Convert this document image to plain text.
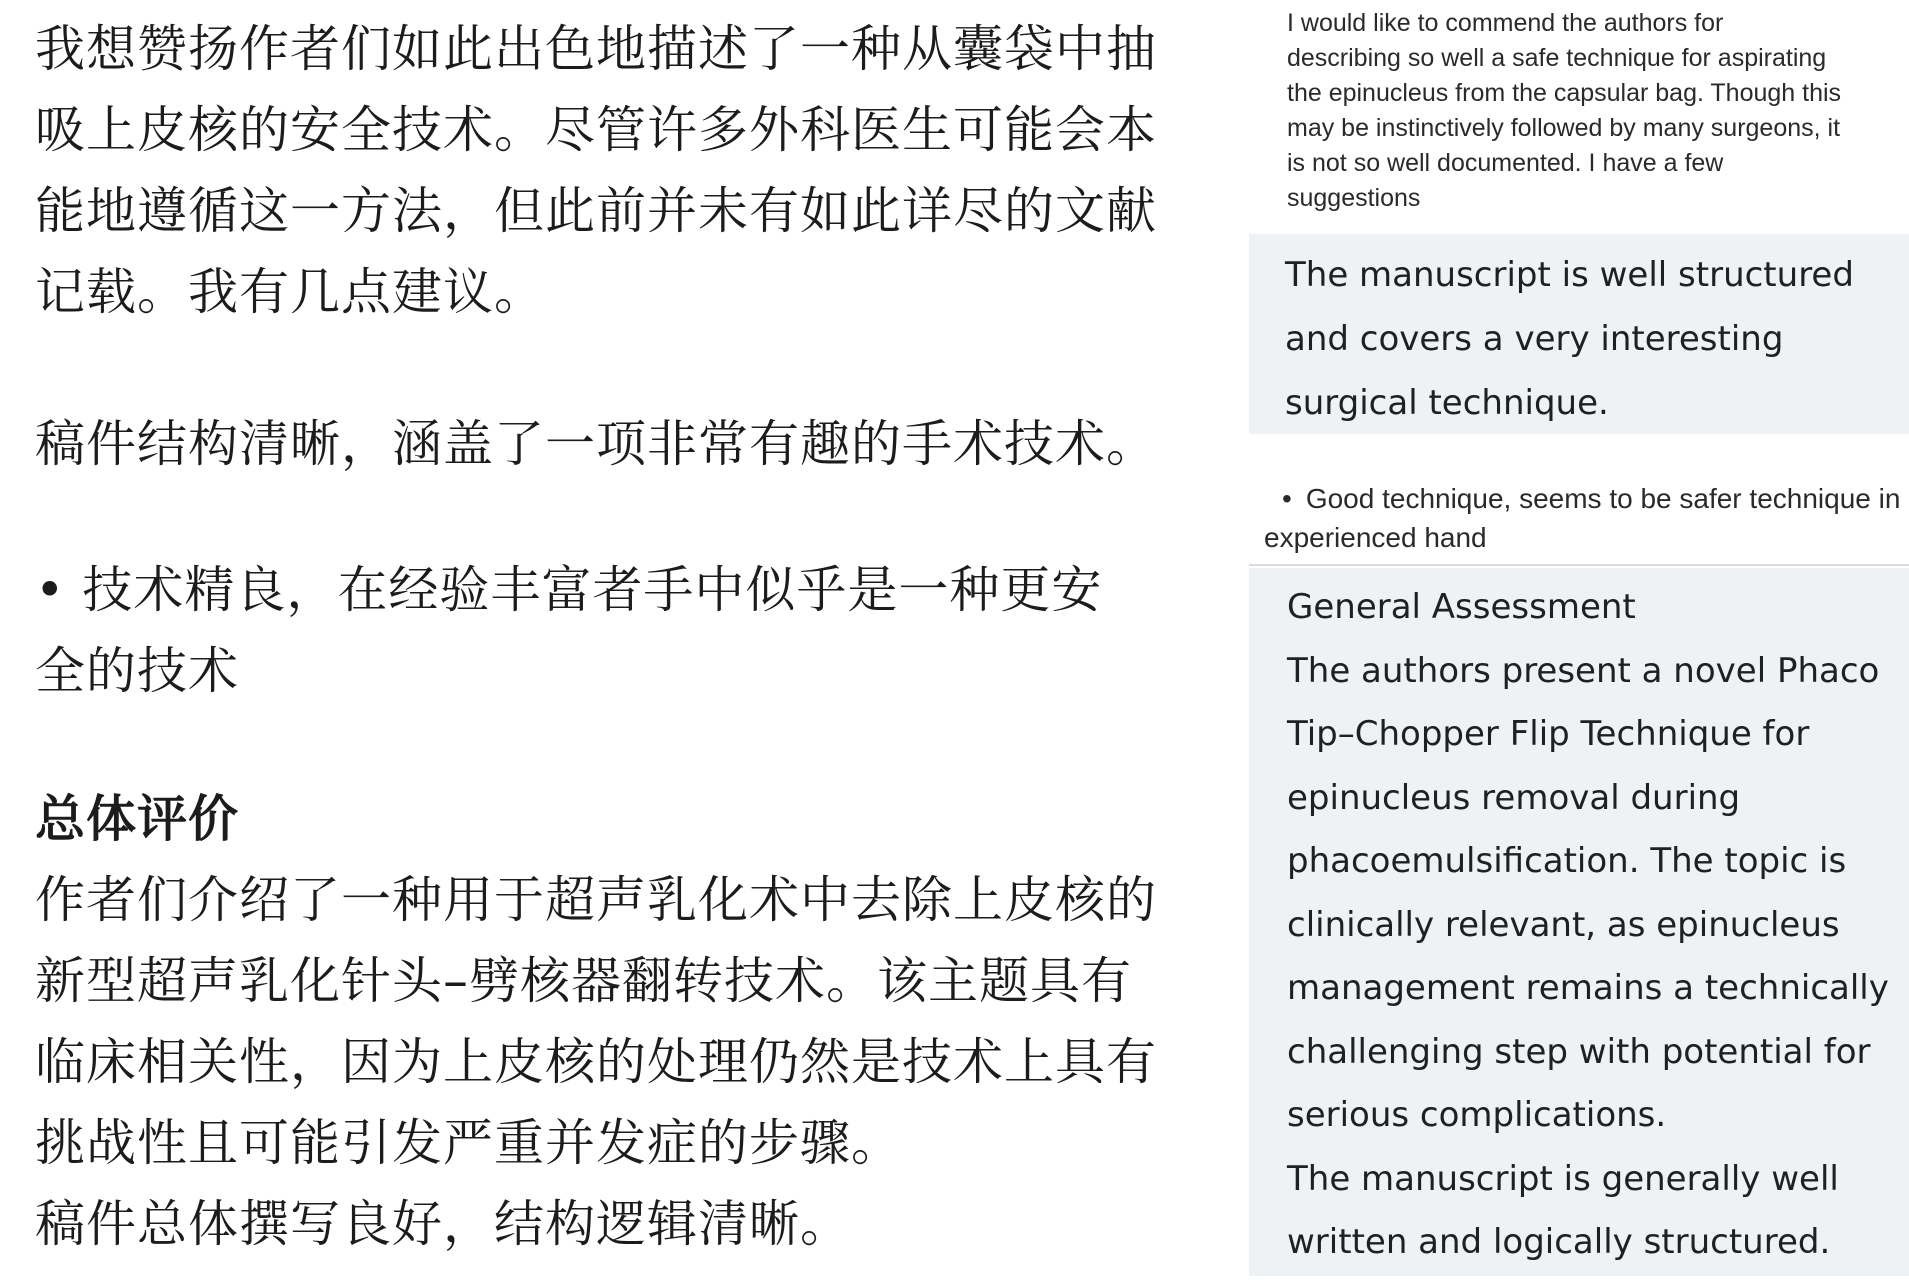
我想赞扬作者们如此出色地描述了一种从囊袋中抽
吸上皮核的安全技术。尽管许多外科医生可能会本
能地遵循这一方法，但此前并未有如此详尽的文献
记载。我有几点建议。

稿件结构清晰，涵盖了一项非常有趣的手术技术。

• 技术精良，在经验丰富者手中似乎是一种更安
全的技术

总体评价
作者们介绍了一种用于超声乳化术中去除上皮核的
新型超声乳化针头–劈核器翻转技术。该主题具有
临床相关性，因为上皮核的处理仍然是技术上具有
挑战性且可能引发严重并发症的步骤。
稿件总体撰写良好，结构逻辑清晰。

I would like to commend the authors for
describing so well a safe technique for aspirating
the epinucleus from the capsular bag. Though this
may be instinctively followed by many surgeons, it
is not so well documented. I have a few
suggestions

The manuscript is well structured
and covers a very interesting
surgical technique.

• Good technique, seems to be safer technique in
experienced hand

General Assessment
The authors present a novel Phaco
Tip–Chopper Flip Technique for
epinucleus removal during
phacoemulsification. The topic is
clinically relevant, as epinucleus
management remains a technically
challenging step with potential for
serious complications.
The manuscript is generally well
written and logically structured.
